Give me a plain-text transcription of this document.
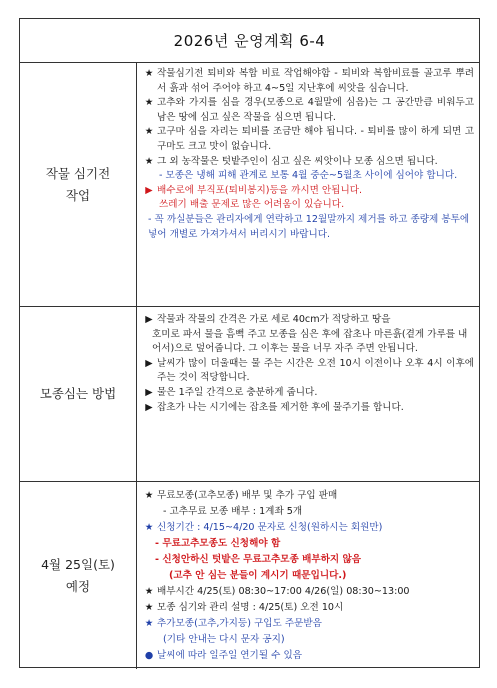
2026년 운영계획 6-4
작물 심기전
작업

★ 작물심기전 퇴비와 복합 비료 작업해야함 - 퇴비와 복합비료를 골고루 뿌려서 흙과 섞어 주어야 하고 4~5일 지난후에 씨앗을 심습니다.

★ 고추와 가지를 심을 경우(모종으로 4월말에 심음)는 그 공간만큼 비워두고 남은 땅에 심고 싶은 작물을 심으면 됩니다.

★ 고구마 심을 자리는 퇴비를 조금만 해야 됩니다. - 퇴비를 많이 하게 되면 고구마도 크고 맛이 없습니다.

★ 그 외 농작물은 텃밭주인이 심고 싶은 씨앗이나 모종 심으면 됩니다.

- 모종은 냉해 피해 관계로 보통 4월 중순~5월초 사이에 심어야 합니다.

▶ 배수로에 부직포(퇴비봉지)등을 까시면 안됩니다.

쓰레기 배출 문제로 많은 어려움이 있습니다.

- 꼭 까실분들은 관리자에게 연락하고 12월말까지 제거를 하고 종량제 봉투에 넣어 개별로 가져가셔서 버리시기 바랍니다.

모종심는 방법

▶ 작물과 작물의 간격은 가로 세로 40cm가 적당하고 땅을

호미로 파서 물을 흠뻑 주고 모종을 심은 후에 잡초나 마른흙(곁게 가루를 내어서)으로 덮어줍니다. 그 이후는 물을 너무 자주 주면 안됩니다.

▶ 날씨가 많이 더울때는 물 주는 시간은 오전 10시 이전이나 오후 4시 이후에 주는 것이 적당합니다.

▶ 물은 1주일 간격으로 충분하게 줍니다.

▶ 잡초가 나는 시기에는 잡초를 제거한 후에 물주기를 합니다.

4월 25일(토)
예정

★ 무료모종(고추모종) 배부 및 추가 구입 판매

- 고추무료 모종 배부 : 1계좌 5개

★ 신청기간 : 4/15~4/20 문자로 신청(원하시는 회원만)

- 무료고추모종도 신청해야 함

- 신청안하신 텃밭은 무료고추모종 배부하지 않음

(고추 안 심는 분들이 계시기 때문입니다.)

★ 배부시간 4/25(토) 08:30~17:00 4/26(일) 08:30~13:00

★ 모종 심기와 관리 설명 : 4/25(토) 오전 10시

★ 추가모종(고추,가지등) 구입도 주문받음

(기타 안내는 다시 문자 공지)

● 날씨에 따라 일주일 연기될 수 있음
